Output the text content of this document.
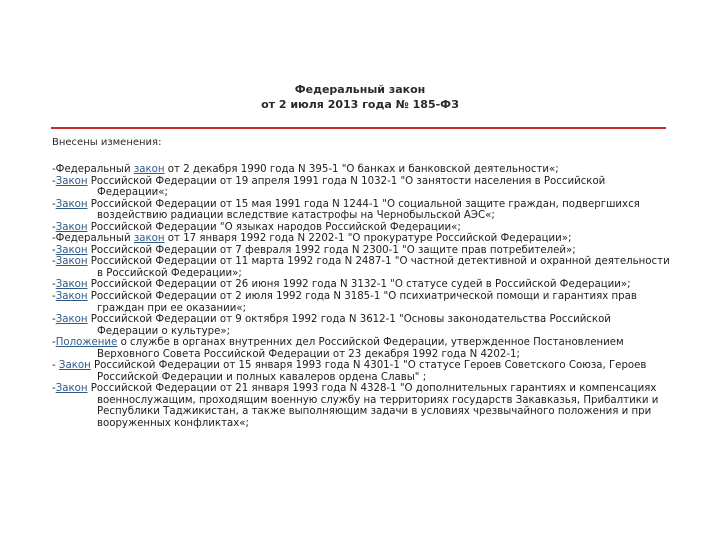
Федеральный закон
от 2 июля 2013 года № 185-ФЗ
Внесены изменения:
-Федеральный закон от 2 декабря 1990 года N 395-1 "О банках и банковской деятельности«;
-Закон Российской Федерации от 19 апреля 1991 года N 1032-1 "О занятости населения в Российской Федерации«;
-Закон Российской Федерации от 15 мая 1991 года N 1244-1 "О социальной защите граждан, подвергшихся воздействию радиации вследствие катастрофы на Чернобыльской АЭС«;
-Закон Российской Федерации "О языках народов Российской Федерации«;
-Федеральный закон от 17 января 1992 года N 2202-1 "О прокуратуре Российской Федерации»;
-Закон Российской Федерации от 7 февраля 1992 года N 2300-1 "О защите прав потребителей»;
-Закон Российской Федерации от 11 марта 1992 года N 2487-1 "О частной детективной и охранной деятельности в Российской Федерации»;
-Закон Российской Федерации от 26 июня 1992 года N 3132-1 "О статусе судей в Российской Федерации»;
-Закон Российской Федерации от 2 июля 1992 года N 3185-1 "О психиатрической помощи и гарантиях прав граждан при ее оказании«;
-Закон Российской Федерации от 9 октября 1992 года N 3612-1 "Основы законодательства Российской Федерации о культуре»;
-Положение о службе в органах внутренних дел Российской Федерации, утвержденное Постановлением Верховного Совета Российской Федерации от 23 декабря 1992 года N 4202-1;
- Закон Российской Федерации от 15 января 1993 года N 4301-1 "О статусе Героев Советского Союза, Героев Российской Федерации и полных кавалеров ордена Славы" ;
-Закон Российской Федерации от 21 января 1993 года N 4328-1 "О дополнительных гарантиях и компенсациях военнослужащим, проходящим военную службу на территориях государств Закавказья, Прибалтики и Республики Таджикистан, а также выполняющим задачи в условиях чрезвычайного положения и при вооруженных конфликтах«;
